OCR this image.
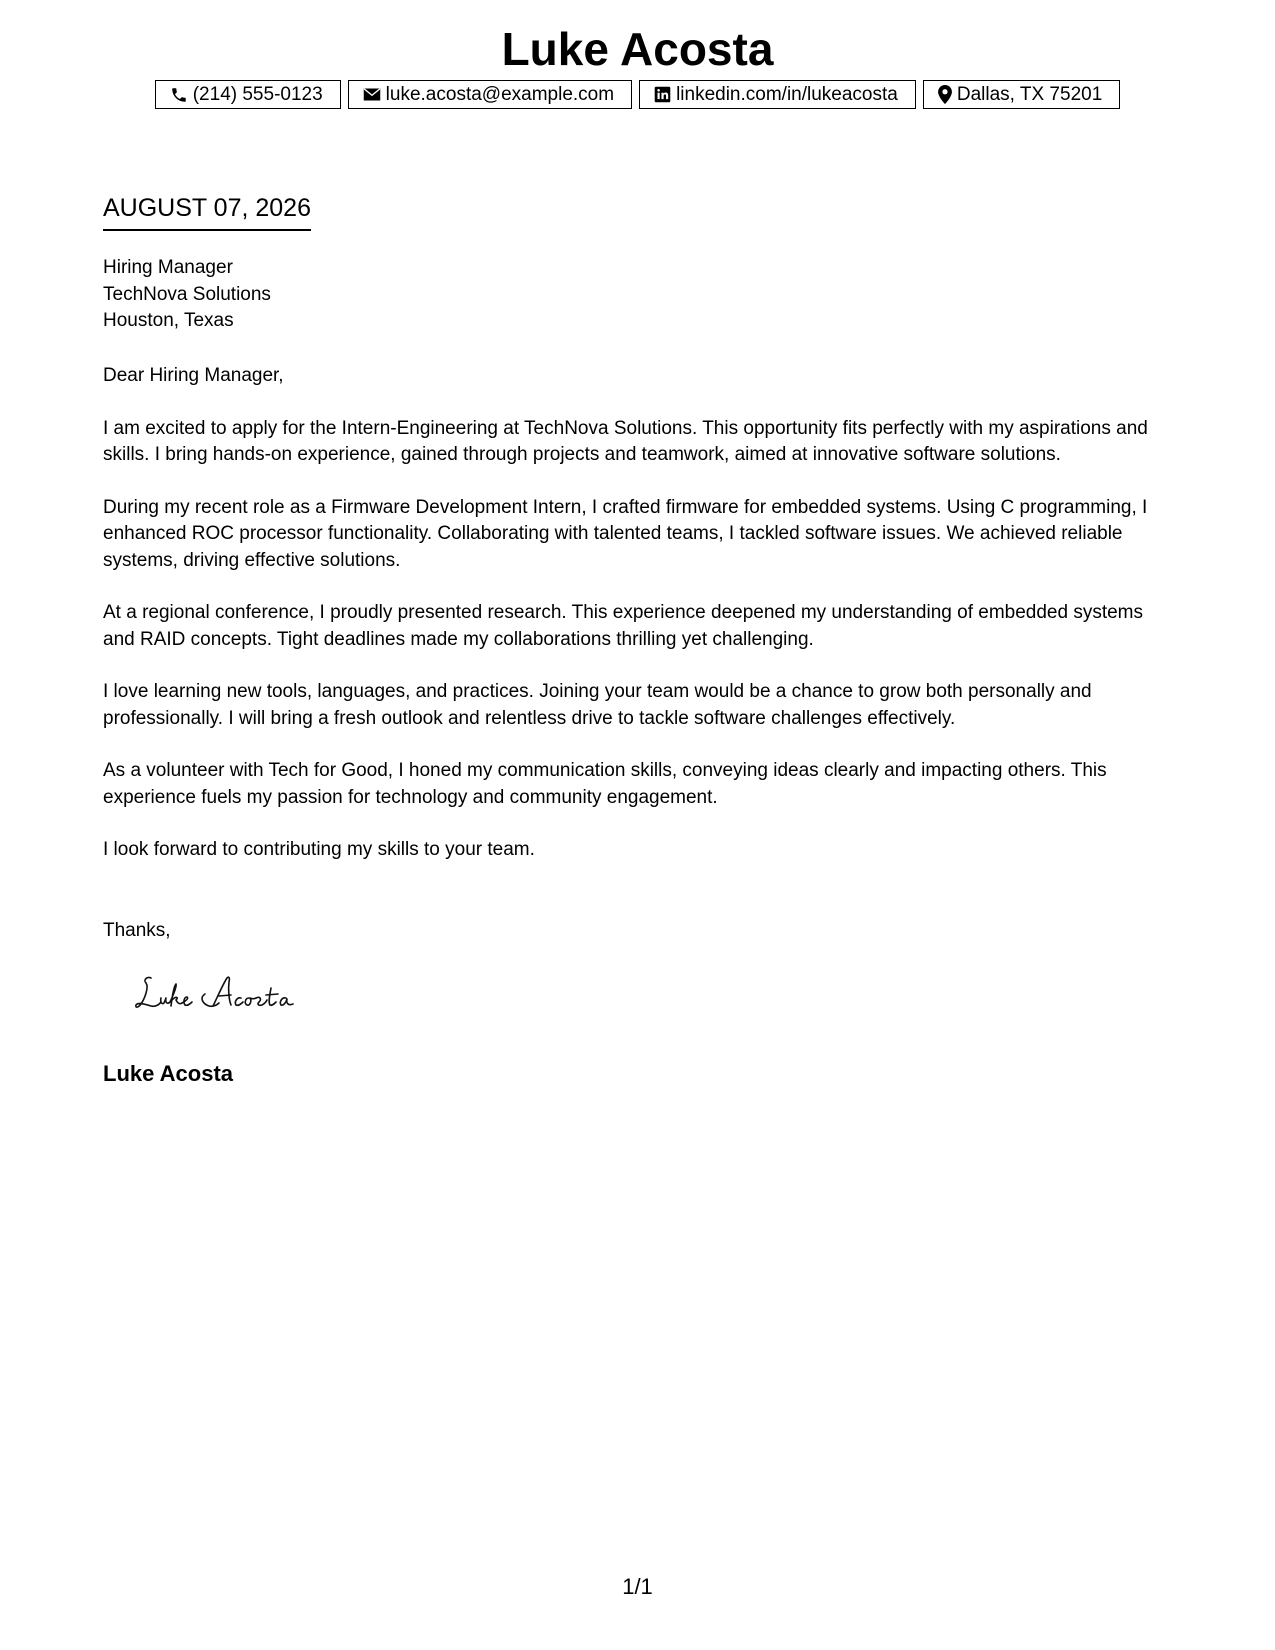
Luke Acosta
(214) 555-0123	luke.acosta@example.com	linkedin.com/in/lukeacosta	Dallas, TX 75201
AUGUST 07, 2026
Hiring Manager
TechNova Solutions
Houston, Texas

Dear Hiring Manager,

I am excited to apply for the Intern-Engineering at TechNova Solutions. This opportunity fits perfectly with my aspirations and skills. I bring hands-on experience, gained through projects and teamwork, aimed at innovative software solutions.

During my recent role as a Firmware Development Intern, I crafted firmware for embedded systems. Using C programming, I enhanced ROC processor functionality. Collaborating with talented teams, I tackled software issues. We achieved reliable systems, driving effective solutions.

At a regional conference, I proudly presented research. This experience deepened my understanding of embedded systems and RAID concepts. Tight deadlines made my collaborations thrilling yet challenging.

I love learning new tools, languages, and practices. Joining your team would be a chance to grow both personally and professionally. I will bring a fresh outlook and relentless drive to tackle software challenges effectively.

As a volunteer with Tech for Good, I honed my communication skills, conveying ideas clearly and impacting others. This experience fuels my passion for technology and community engagement.

I look forward to contributing my skills to your team.

Thanks,
Luke Acosta
1/1
